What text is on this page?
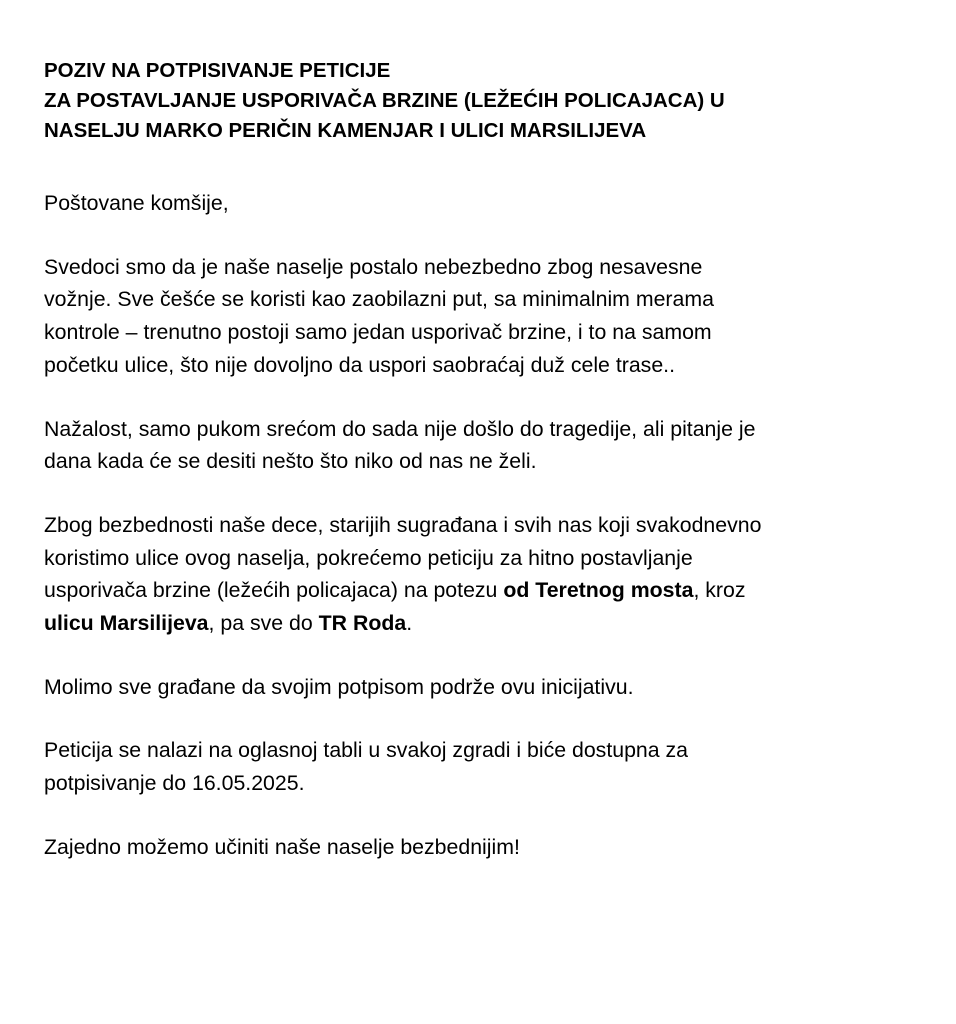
POZIV NA POTPISIVANJE PETICIJE
ZA POSTAVLJANJE USPORIVAČA BRZINE (LEŽEĆIH POLICAJACA) U
NASELJU MARKO PERIČIN KAMENJAR I ULICI MARSILIJEVA

Poštovane komšije,

Svedoci smo da je naše naselje postalo nebezbedno zbog nesavesne
vožnje. Sve češće se koristi kao zaobilazni put, sa minimalnim merama
kontrole – trenutno postoji samo jedan usporivač brzine, i to na samom
početku ulice, što nije dovoljno da uspori saobraćaj duž cele trase..

Nažalost, samo pukom srećom do sada nije došlo do tragedije, ali pitanje je
dana kada će se desiti nešto što niko od nas ne želi.

Zbog bezbednosti naše dece, starijih sugrađana i svih nas koji svakodnevno
koristimo ulice ovog naselja, pokrećemo peticiju za hitno postavljanje
usporivača brzine (ležećih policajaca) na potezu od Teretnog mosta, kroz
ulicu Marsilijeva, pa sve do TR Roda.

Molimo sve građane da svojim potpisom podrže ovu inicijativu.

Peticija se nalazi na oglasnoj tabli u svakoj zgradi i biće dostupna za
potpisivanje do 16.05.2025.

Zajedno možemo učiniti naše naselje bezbednijim!
